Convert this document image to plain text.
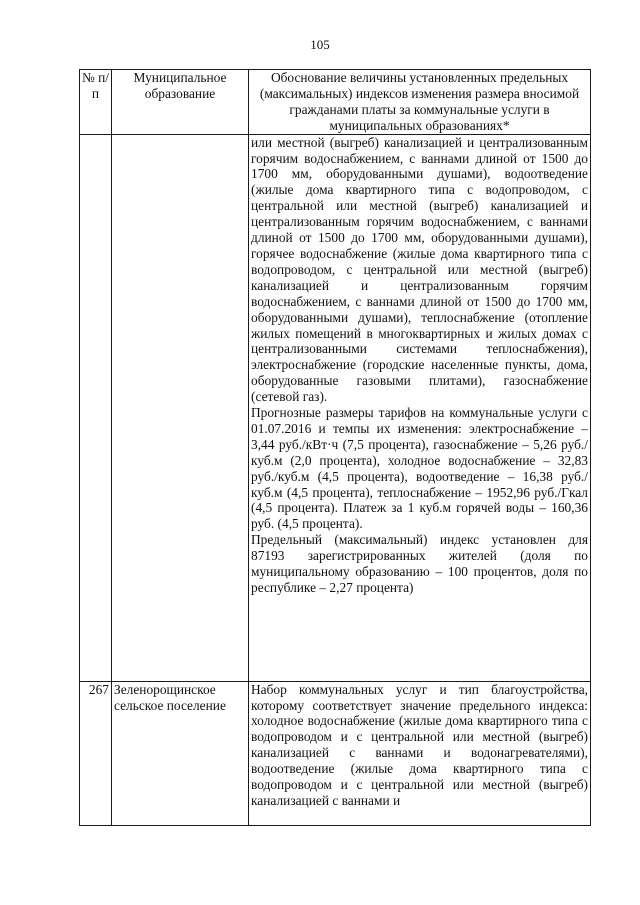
105
№ п/п	Муниципальное образование	Обоснование величины установленных предельных (максимальных) индексов изменения размера вносимой гражданами платы за коммунальные услуги в муниципальных образованиях*

		или местной (выгреб) канализацией и централизованным горячим водоснабжением, с ваннами длиной от 1500 до 1700 мм, оборудованными душами), водоотведение (жилые дома квартирного типа с водопроводом, с центральной или местной (выгреб) канализацией и централизованным горячим водоснабжением, с ваннами длиной от 1500 до 1700 мм, оборудованными душами), горячее водоснабжение (жилые дома квартирного типа с водопроводом, с центральной или местной (выгреб) канализацией и централизованным горячим водоснабжением, с ваннами длиной от 1500 до 1700 мм, оборудованными душами), теплоснабжение (отопление жилых помещений в многоквартирных и жилых домах с централизованными системами теплоснабжения), электроснабжение (городские населенные пункты, дома, оборудованные газовыми плитами), газоснабжение (сетевой газ).

Прогнозные размеры тарифов на коммунальные услуги с 01.07.2016 и темпы их изменения: электроснабжение – 3,44 руб./кВт·ч (7,5 процента), газоснабжение – 5,26 руб./куб.м (2,0 процента), холодное водоснабжение – 32,83 руб./куб.м (4,5 процента), водоотведение – 16,38 руб./куб.м (4,5 процента), теплоснабжение – 1952,96 руб./Гкал (4,5 процента). Платеж за 1 куб.м горячей воды – 160,36 руб. (4,5 процента).

Предельный (максимальный) индекс установлен для 87193 зарегистрированных жителей (доля по муниципальному образованию – 100 процентов, доля по республике – 2,27 процента)

267	Зеленорощинское сельское поселение	Набор коммунальных услуг и тип благоустройства, которому соответствует значение предельного индекса: холодное водоснабжение (жилые дома квартирного типа с водопроводом и с центральной или местной (выгреб) канализацией с ваннами и водонагревателями), водоотведение (жилые дома квартирного типа с водопроводом и с центральной или местной (выгреб) канализацией с ваннами и
